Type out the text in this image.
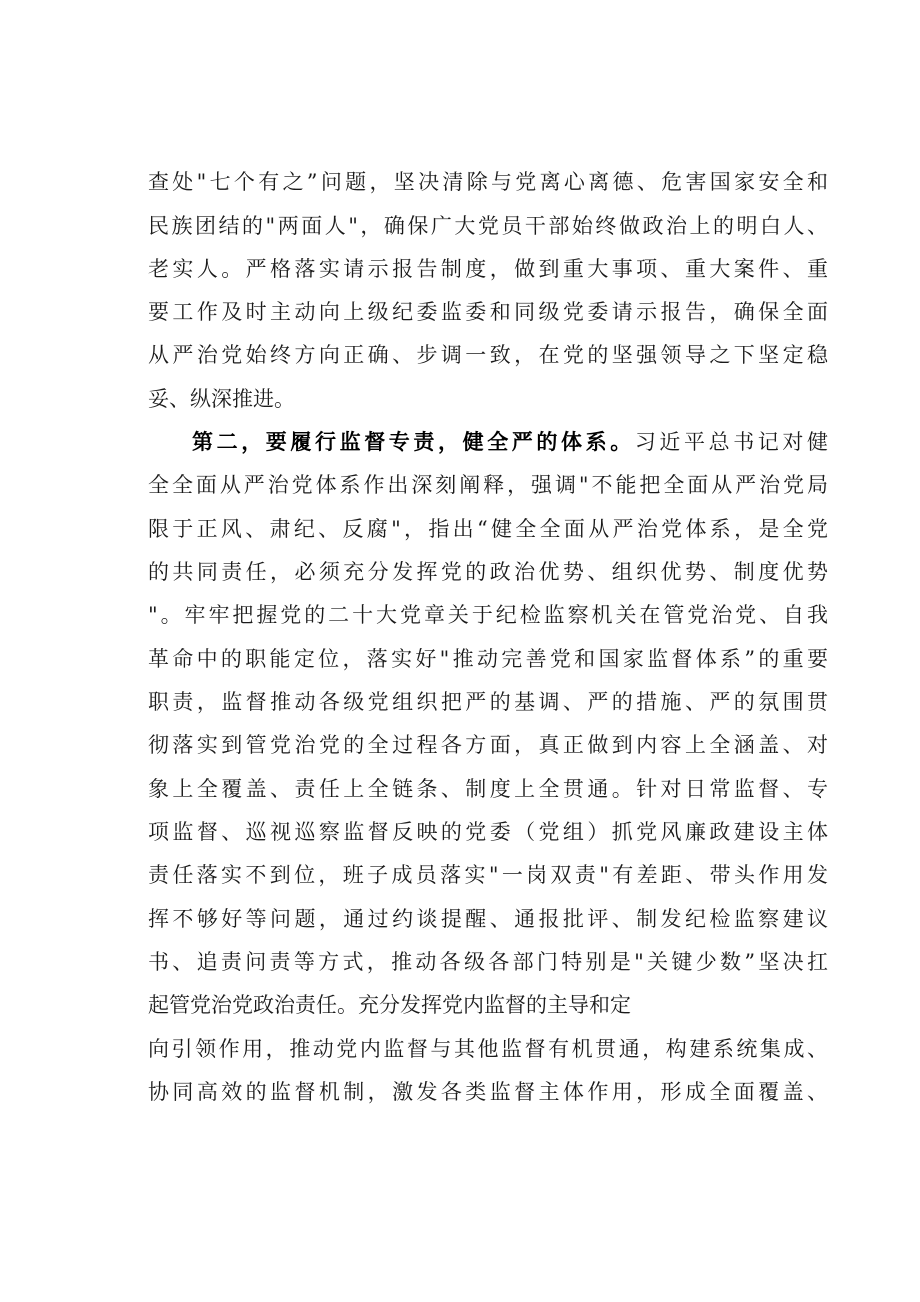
查处"七个有之”问题，坚决清除与党离心离德、危害国家安全和
民族团结的"两面人"，确保广大党员干部始终做政治上的明白人、
老实人。严格落实请示报告制度，做到重大事项、重大案件、重
要工作及时主动向上级纪委监委和同级党委请示报告，确保全面
从严治党始终方向正确、步调一致，在党的坚强领导之下坚定稳
妥、纵深推进。
第二，要履行监督专责，健全严的体系。习近平总书记对健
全全面从严治党体系作出深刻阐释，强调"不能把全面从严治党局
限于正风、肃纪、反腐"，指出“健全全面从严治党体系，是全党
的共同责任，必须充分发挥党的政治优势、组织优势、制度优势
"。牢牢把握党的二十大党章关于纪检监察机关在管党治党、自我
革命中的职能定位，落实好"推动完善党和国家监督体系”的重要
职责，监督推动各级党组织把严的基调、严的措施、严的氛围贯
彻落实到管党治党的全过程各方面，真正做到内容上全涵盖、对
象上全覆盖、责任上全链条、制度上全贯通。针对日常监督、专
项监督、巡视巡察监督反映的党委（党组）抓党风廉政建设主体
责任落实不到位，班子成员落实"一岗双责"有差距、带头作用发
挥不够好等问题，通过约谈提醒、通报批评、制发纪检监察建议
书、追责问责等方式，推动各级各部门特别是"关键少数”坚决扛
起管党治党政治责任。充分发挥党内监督的主导和定
向引领作用，推动党内监督与其他监督有机贯通，构建系统集成、
协同高效的监督机制，激发各类监督主体作用，形成全面覆盖、
